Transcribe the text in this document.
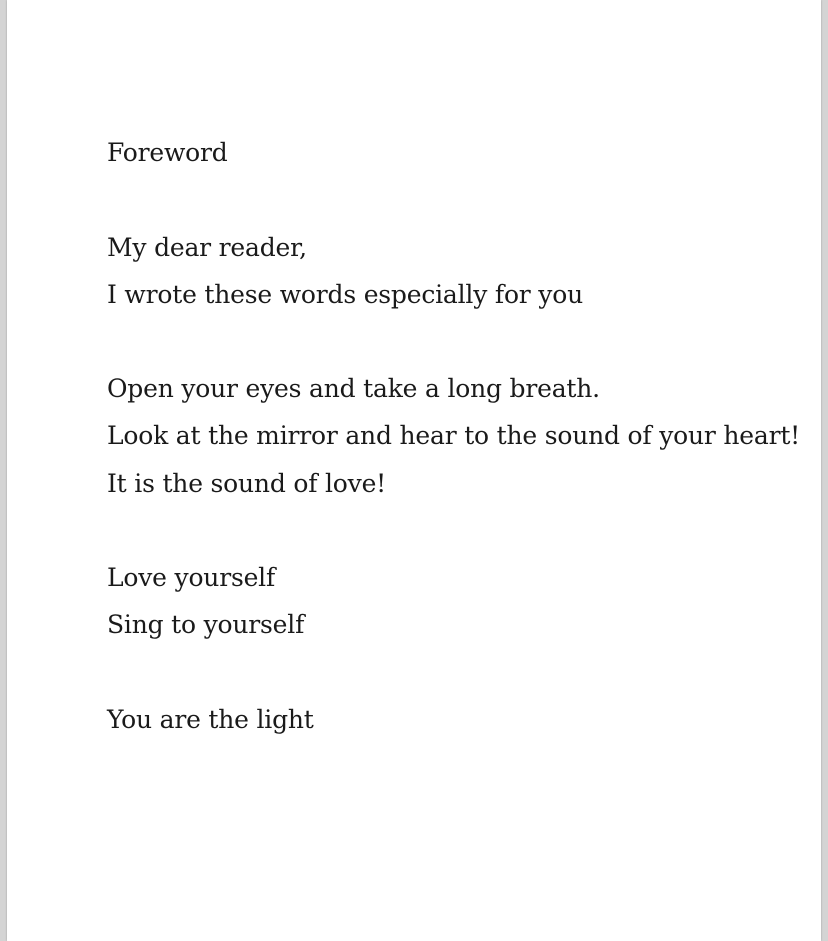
Foreword
My dear reader,
I wrote these words especially for you
Open your eyes and take a long breath.
Look at the mirror and hear to the sound of your heart!
It is the sound of love!
Love yourself
Sing to yourself
You are the light
